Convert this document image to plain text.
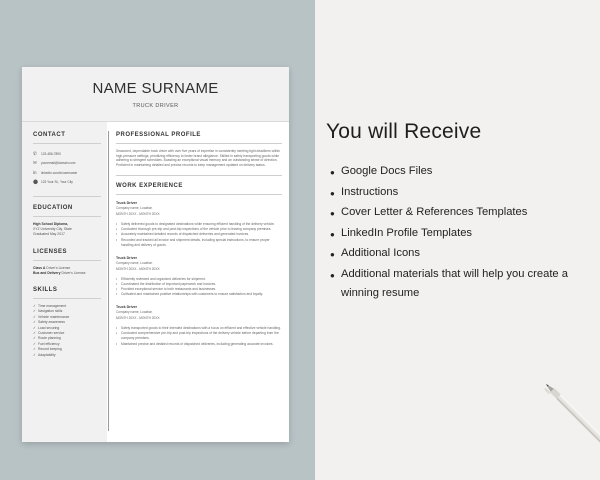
NAME SURNAME
TRUCK DRIVER
CONTACT
✆	123-456-7890
✉	youremail@domain.com
in	linkedin.com/in/username
⬤ 123 Your St., Your City
EDUCATION
High School Diploma,
XYZ University City, State
Graduated May 2017
LICENSES
Class A Driver's License
Bus and Delivery Driver's License
SKILLS
✓ Time management
✓ Navigation skills
✓ Vehicle maintenance
✓ Safety awareness
✓ Load securing
✓ Customer service
✓ Route planning
✓ Fuel efficiency
✓ Record keeping
✓ Adaptability
PROFESSIONAL PROFILE
Seasoned, dependable truck driver with over five years of expertise in consistently meeting tight deadlines within high-pressure settings, prioritizing efficiency to foster brand allegiance. Skilled in safely transporting goods while adhering to stringent schedules. Boasting an exceptional visual memory and an outstanding sense of direction. Proficient in maintaining detailed and precise records to keep management updated on delivery status.
WORK EXPERIENCE
Truck Driver
Company name, Location
MONTH 20XX - MONTH 20XX
•	Safely delivered goods to designated destinations while ensuring efficient handling of the delivery vehicle.
•	Conducted thorough pre-trip and post-trip inspections of the vehicle prior to leaving company premises.
•	Accurately maintained detailed records of dispatched deliveries and generated invoices.
•	Recorded and tracked all invoice and shipment details, including special instructions, to ensure proper handling and delivery of goods.
Truck Driver
Company name, Location
MONTH 20XX - MONTH 20XX
•	Efficiently reviewed and organized deliveries for shipment.
•	Coordinated the distribution of important paperwork and invoices.
•	Provided exceptional service to both restaurants and businesses.
•	Cultivated and maintained positive relationships with customers to ensure satisfaction and loyalty.
Truck Driver
Company name, Location
MONTH 20XX - MONTH 20XX
•	Safely transported goods to their intended destinations with a focus on efficient and effective vehicle handling.
•	Conducted comprehensive pre-trip and post-trip inspections of the delivery vehicle before departing from the company premises.
•	Maintained precise and detailed records of dispatched deliveries, including generating accurate invoices.
You will Receive
● Google Docs Files
● Instructions
● Cover Letter & References Templates
● LinkedIn Profile Templates
● Additional Icons
● Additional materials that will help you create a winning resume
